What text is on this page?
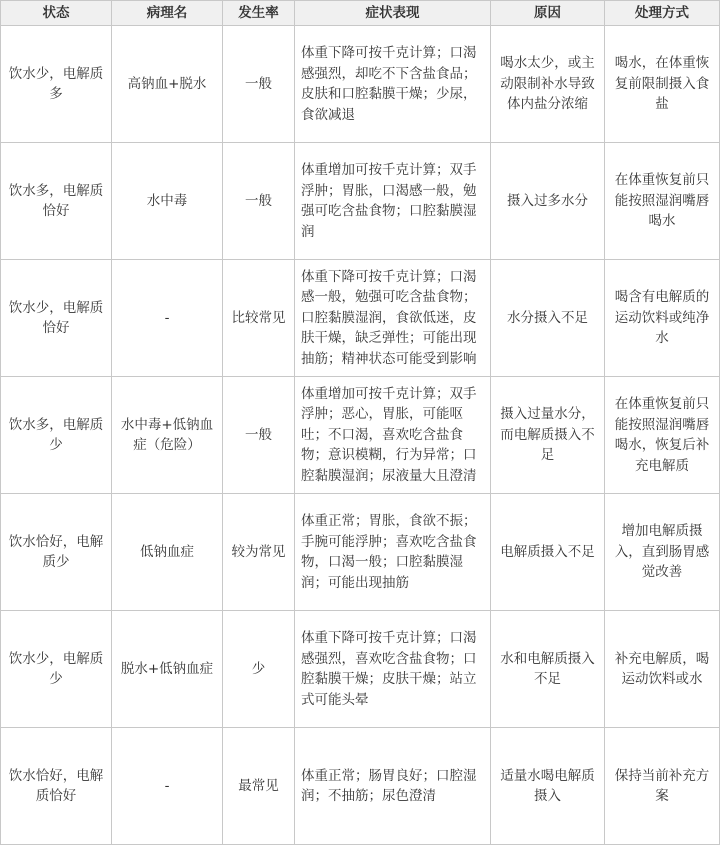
状态	病理名	发生率	症状表现	原因	处理方式
饮水少，电解质多	高钠血+脱水	一般	体重下降可按千克计算；口渴感强烈，却吃不下含盐食品；皮肤和口腔黏膜干燥；少尿，食欲减退	喝水太少，或主动限制补水导致体内盐分浓缩	喝水，在体重恢复前限制摄入食盐
饮水多，电解质恰好	水中毒	一般	体重增加可按千克计算；双手浮肿；胃胀，口渴感一般，勉强可吃含盐食物；口腔黏膜湿润	摄入过多水分	在体重恢复前只能按照湿润嘴唇喝水
饮水少，电解质恰好	-	比较常见	体重下降可按千克计算；口渴感一般，勉强可吃含盐食物；口腔黏膜湿润，食欲低迷，皮肤干燥，缺乏弹性；可能出现抽筋；精神状态可能受到影响	水分摄入不足	喝含有电解质的运动饮料或纯净水
饮水多，电解质少	水中毒+低钠血症（危险）	一般	体重增加可按千克计算；双手浮肿；恶心，胃胀，可能呕吐；不口渴，喜欢吃含盐食物；意识模糊，行为异常；口腔黏膜湿润；尿液量大且澄清	摄入过量水分，而电解质摄入不足	在体重恢复前只能按照湿润嘴唇喝水，恢复后补充电解质
饮水恰好，电解质少	低钠血症	较为常见	体重正常；胃胀，食欲不振；手腕可能浮肿；喜欢吃含盐食物，口渴一般；口腔黏膜湿润；可能出现抽筋	电解质摄入不足	增加电解质摄入，直到肠胃感觉改善
饮水少，电解质少	脱水+低钠血症	少	体重下降可按千克计算；口渴感强烈，喜欢吃含盐食物；口腔黏膜干燥；皮肤干燥；站立式可能头晕	水和电解质摄入不足	补充电解质，喝运动饮料或水
饮水恰好，电解质恰好	-	最常见	体重正常；肠胃良好；口腔湿润；不抽筋；尿色澄清	适量水喝电解质摄入	保持当前补充方案
